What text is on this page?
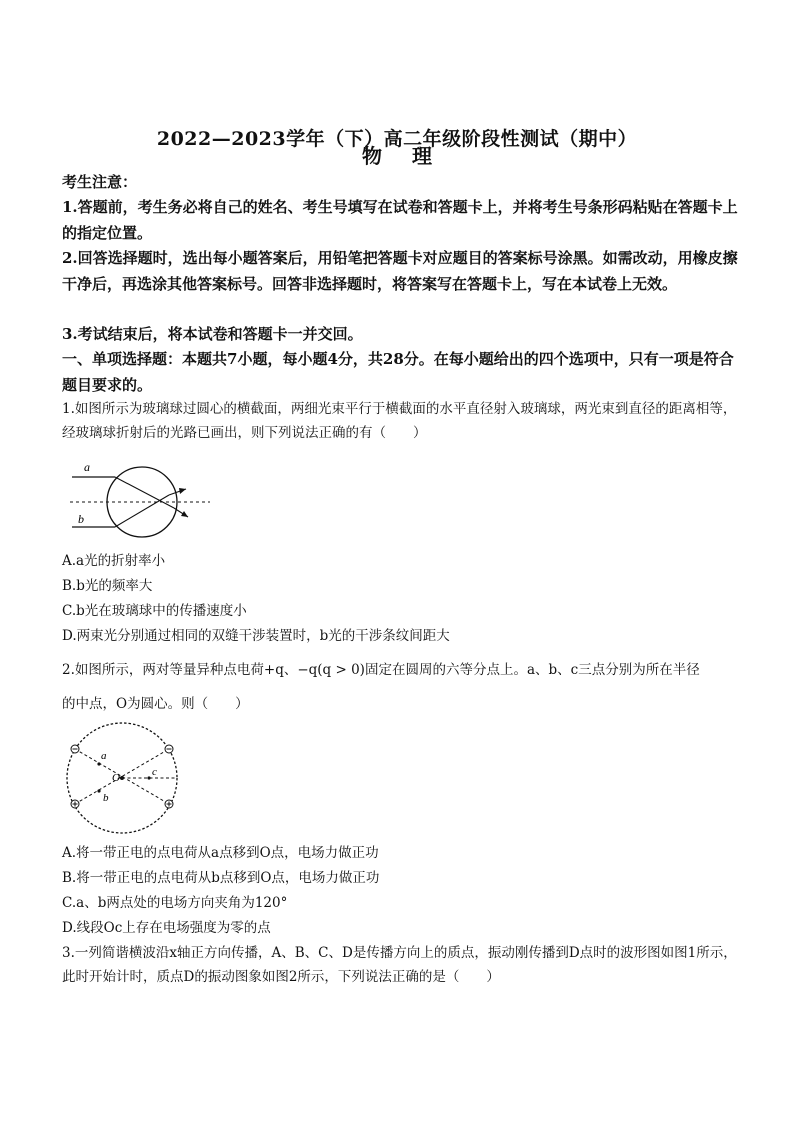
2022—2023学年（下）高二年级阶段性测试（期中）
物理
考生注意：
1.答题前，考生务必将自己的姓名、考生号填写在试卷和答题卡上，并将考生号条形码粘贴在答题卡上的指定位置。
2.回答选择题时，选出每小题答案后，用铅笔把答题卡对应题目的答案标号涂黑。如需改动，用橡皮擦干净后，再选涂其他答案标号。回答非选择题时，将答案写在答题卡上，写在本试卷上无效。
3.考试结束后，将本试卷和答题卡一并交回。
一、单项选择题：本题共7小题，每小题4分，共28分。在每小题给出的四个选项中，只有一项是符合题目要求的。
1.如图所示为玻璃球过圆心的横截面，两细光束平行于横截面的水平直径射入玻璃球，两光束到直径的距离相等，经玻璃球折射后的光路已画出，则下列说法正确的有（　　）
a
b
A.a光的折射率小
B.b光的频率大
C.b光在玻璃球中的传播速度小
D.两束光分别通过相同的双缝干涉装置时，b光的干涉条纹间距大
2.如图所示，两对等量异种点电荷+q、−q(q > 0)固定在圆周的六等分点上。a、b、c三点分别为所在半径
的中点，O为圆心。则（　　）
a
b
c
O
A.将一带正电的点电荷从a点移到O点，电场力做正功
B.将一带正电的点电荷从b点移到O点，电场力做正功
C.a、b两点处的电场方向夹角为120°
D.线段Oc上存在电场强度为零的点
3.一列简谐横波沿x轴正方向传播，A、B、C、D是传播方向上的质点，振动刚传播到D点时的波形图如图1所示，此时开始计时，质点D的振动图象如图2所示，下列说法正确的是（　　）
